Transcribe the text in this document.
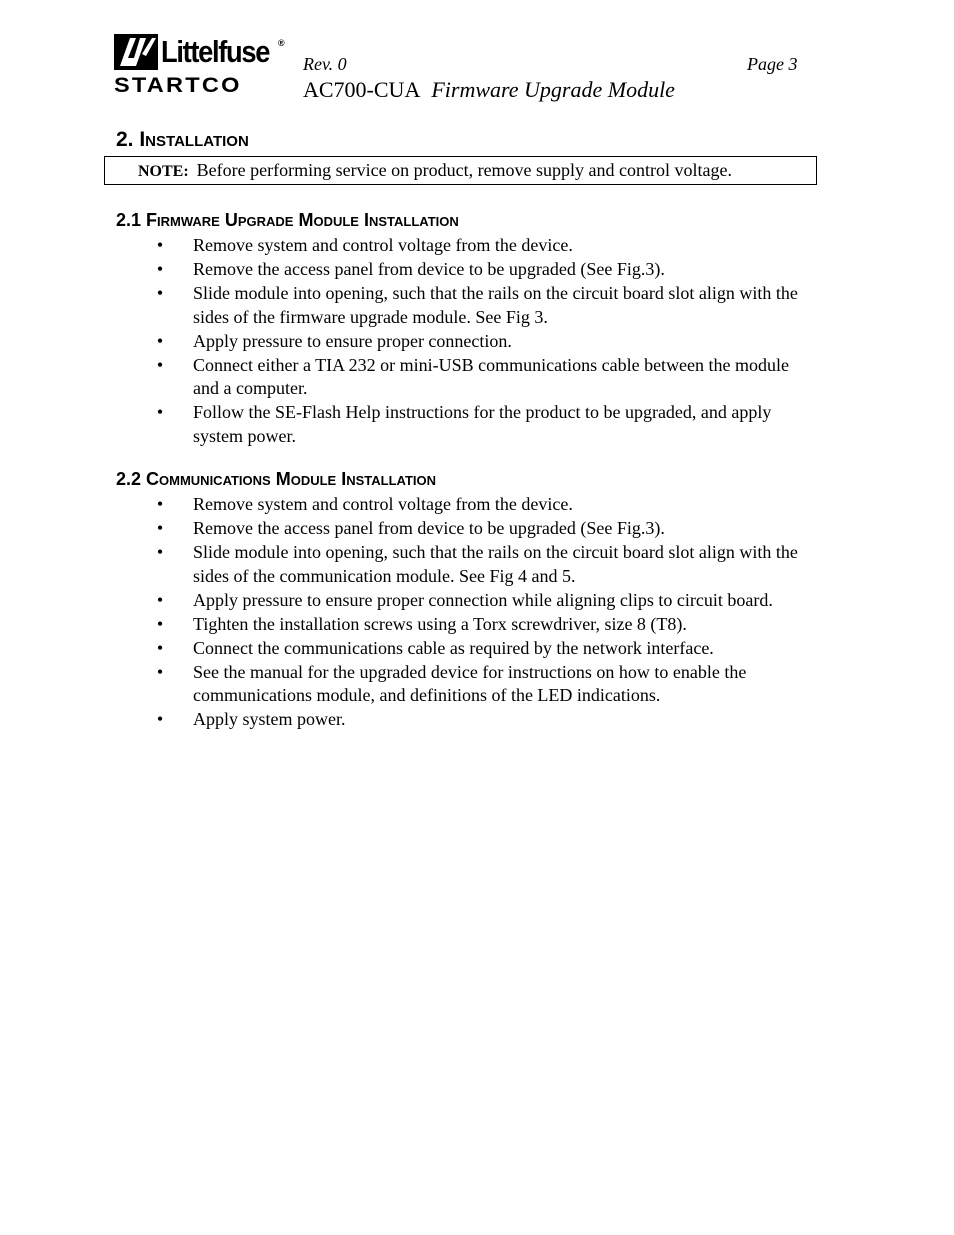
Littelfuse ®
STARTCO
Rev. 0	Page 3
AC700-CUA Firmware Upgrade Module
2. Installation
NOTE: Before performing service on product, remove supply and control voltage.
2.1 Firmware Upgrade Module Installation
• Remove system and control voltage from the device.
• Remove the access panel from device to be upgraded (See Fig.3).
• Slide module into opening, such that the rails on the circuit board slot align with the sides of the firmware upgrade module. See Fig 3.
• Apply pressure to ensure proper connection.
• Connect either a TIA 232 or mini-USB communications cable between the module and a computer.
• Follow the SE-Flash Help instructions for the product to be upgraded, and apply system power.
2.2 Communications Module Installation
• Remove system and control voltage from the device.
• Remove the access panel from device to be upgraded (See Fig.3).
• Slide module into opening, such that the rails on the circuit board slot align with the sides of the communication module. See Fig 4 and 5.
• Apply pressure to ensure proper connection while aligning clips to circuit board.
• Tighten the installation screws using a Torx screwdriver, size 8 (T8).
• Connect the communications cable as required by the network interface.
• See the manual for the upgraded device for instructions on how to enable the communications module, and definitions of the LED indications.
• Apply system power.
